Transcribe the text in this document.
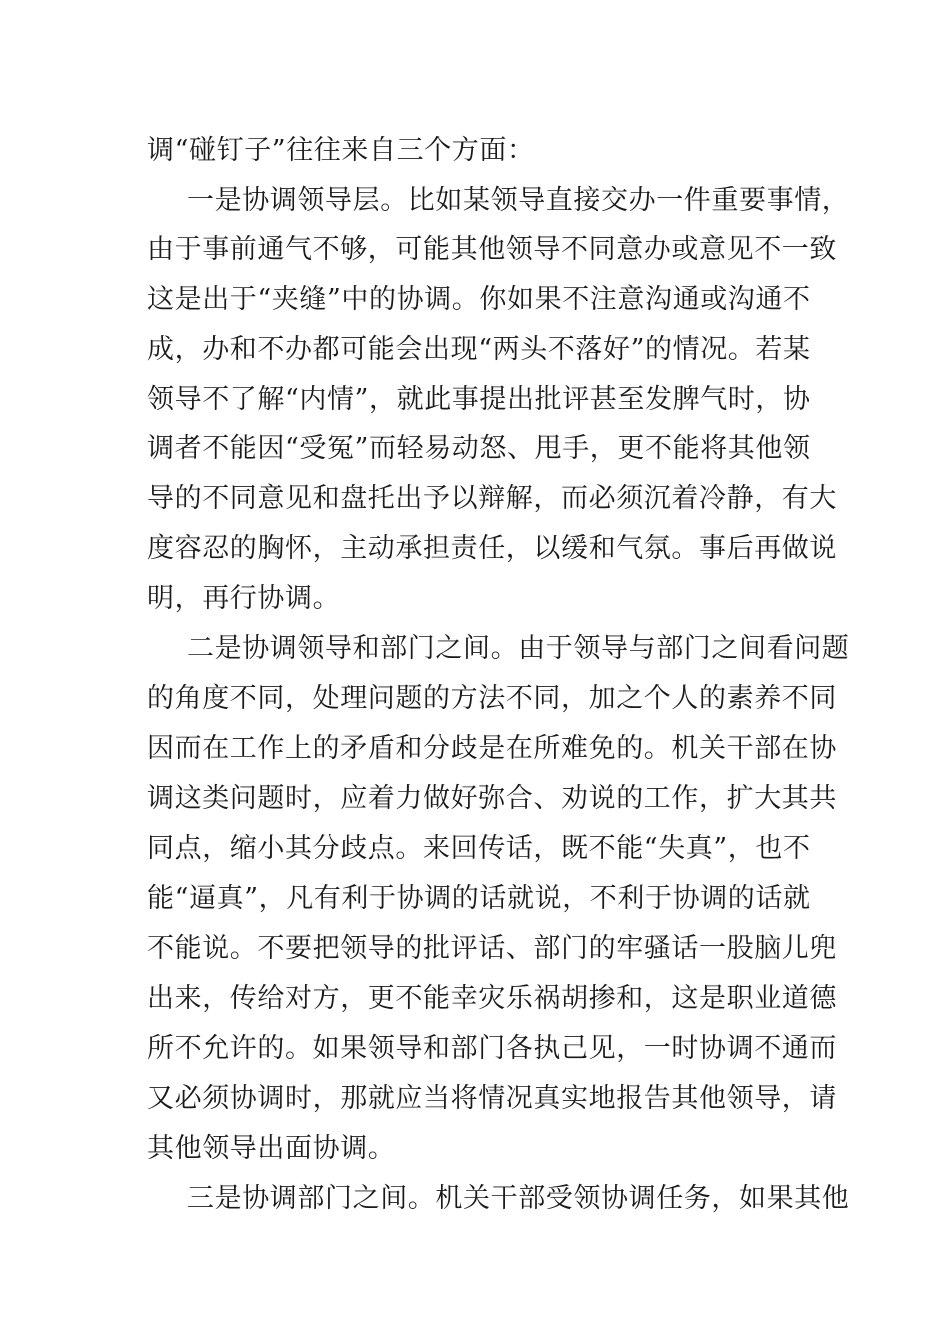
调“碰钉子”往往来自三个方面：
一是协调领导层。比如某领导直接交办一件重要事情，
由于事前通气不够，可能其他领导不同意办或意见不一致
这是出于“夹缝”中的协调。你如果不注意沟通或沟通不
成，办和不办都可能会出现“两头不落好”的情况。若某
领导不了解“内情”，就此事提出批评甚至发脾气时，协
调者不能因“受冤”而轻易动怒、甩手，更不能将其他领
导的不同意见和盘托出予以辩解，而必须沉着冷静，有大
度容忍的胸怀，主动承担责任，以缓和气氛。事后再做说
明，再行协调。
二是协调领导和部门之间。由于领导与部门之间看问题
的角度不同，处理问题的方法不同，加之个人的素养不同
因而在工作上的矛盾和分歧是在所难免的。机关干部在协
调这类问题时，应着力做好弥合、劝说的工作，扩大其共
同点，缩小其分歧点。来回传话，既不能“失真”，也不
能“逼真”，凡有利于协调的话就说，不利于协调的话就
不能说。不要把领导的批评话、部门的牢骚话一股脑儿兜
出来，传给对方，更不能幸灾乐祸胡掺和，这是职业道德
所不允许的。如果领导和部门各执己见，一时协调不通而
又必须协调时，那就应当将情况真实地报告其他领导，请
其他领导出面协调。
三是协调部门之间。机关干部受领协调任务，如果其他
